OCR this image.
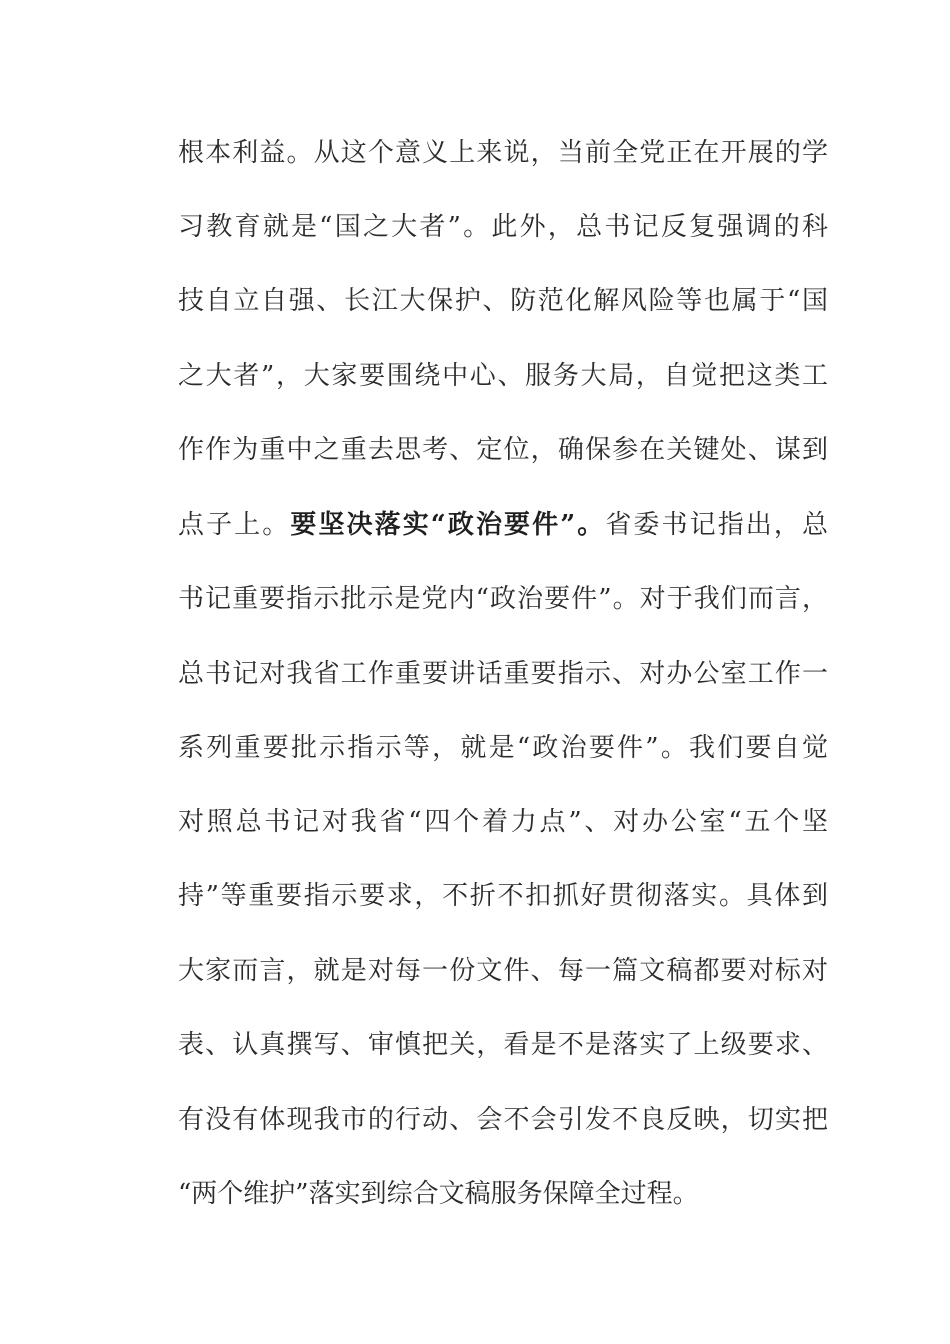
根本利益。从这个意义上来说，当前全党正在开展的学
习教育就是“国之大者”。此外，总书记反复强调的科
技自立自强、长江大保护、防范化解风险等也属于“国
之大者”，大家要围绕中心、服务大局，自觉把这类工
作作为重中之重去思考、定位，确保参在关键处、谋到
点子上。要坚决落实“政治要件”。省委书记指出，总
书记重要指示批示是党内“政治要件”。对于我们而言，
总书记对我省工作重要讲话重要指示、对办公室工作一
系列重要批示指示等，就是“政治要件”。我们要自觉
对照总书记对我省“四个着力点”、对办公室“五个坚
持”等重要指示要求，不折不扣抓好贯彻落实。具体到
大家而言，就是对每一份文件、每一篇文稿都要对标对
表、认真撰写、审慎把关，看是不是落实了上级要求、
有没有体现我市的行动、会不会引发不良反映，切实把
“两个维护”落实到综合文稿服务保障全过程。
